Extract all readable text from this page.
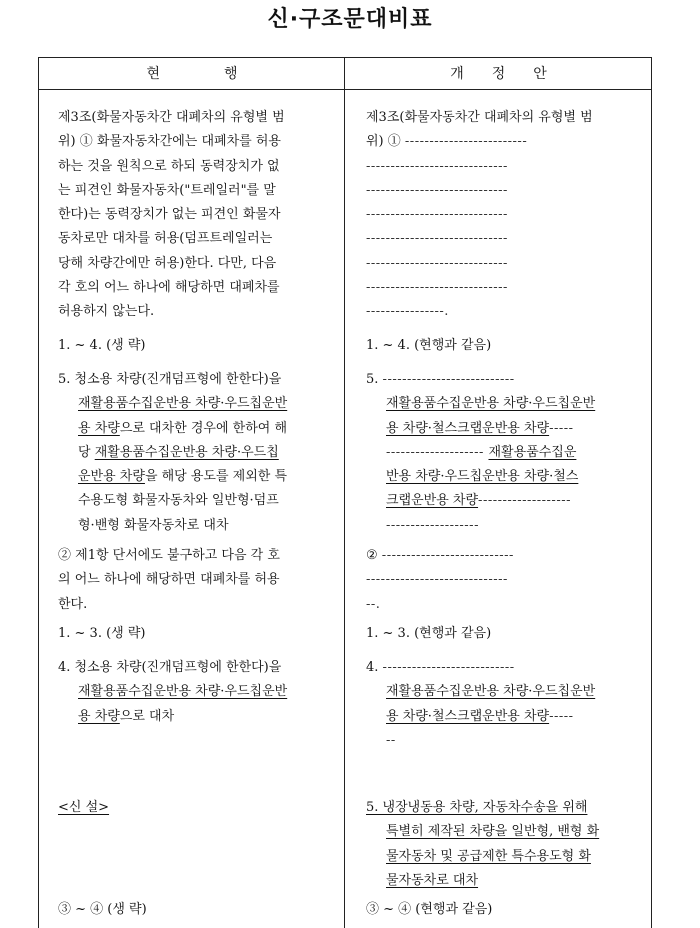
신·구조문대비표
현행	개정안
제3조(화물자동차간 대폐차의 유형별 범
위) ① 화물자동차간에는 대폐차를 허용
하는 것을 원칙으로 하되 동력장치가 없
는 피견인 화물자동차("트레일러"를 말
한다)는 동력장치가 없는 피견인 화물자
동차로만 대차를 허용(덤프트레일러는
당해 차량간에만 허용)한다. 다만, 다음
각 호의 어느 하나에 해당하면 대폐차를
허용하지 않는다.
1. ~ 4. (생 략)
5. 청소용 차량(진개덤프형에 한한다)을
재활용품수집운반용 차량·우드칩운반
용 차량으로 대차한 경우에 한하여 해
당 재활용품수집운반용 차량·우드칩
운반용 차량을 해당 용도를 제외한 특
수용도형 화물자동차와 일반형·덤프
형·밴형 화물자동차로 대차
② 제1항 단서에도 불구하고 다음 각 호
의 어느 하나에 해당하면 대폐차를 허용
한다.
1. ~ 3. (생 략)
4. 청소용 차량(진개덤프형에 한한다)을
재활용품수집운반용 차량·우드칩운반
용 차량으로 대차
<신 설>
③ ~ ④ (생 략)
제3조(화물자동차간 대폐차의 유형별 범
위) ① -------------------------
-----------------------------
-----------------------------
-----------------------------
-----------------------------
-----------------------------
-----------------------------
----------------.
1. ~ 4. (현행과 같음)
5. ---------------------------
재활용품수집운반용 차량·우드칩운반
용 차량·철스크랩운반용 차량-----
-------------------- 재활용품수집운
반용 차량·우드칩운반용 차량·철스
크랩운반용 차량-------------------
-------------------
② ---------------------------
-----------------------------
--.
1. ~ 3. (현행과 같음)
4. ---------------------------
재활용품수집운반용 차량·우드칩운반
용 차량·철스크랩운반용 차량-----
--
5. 냉장냉동용 차량, 자동차수송을 위해
특별히 제작된 차량을 일반형, 밴형 화
물자동차 및 공급제한 특수용도형 화
물자동차로 대차
③ ~ ④ (현행과 같음)
